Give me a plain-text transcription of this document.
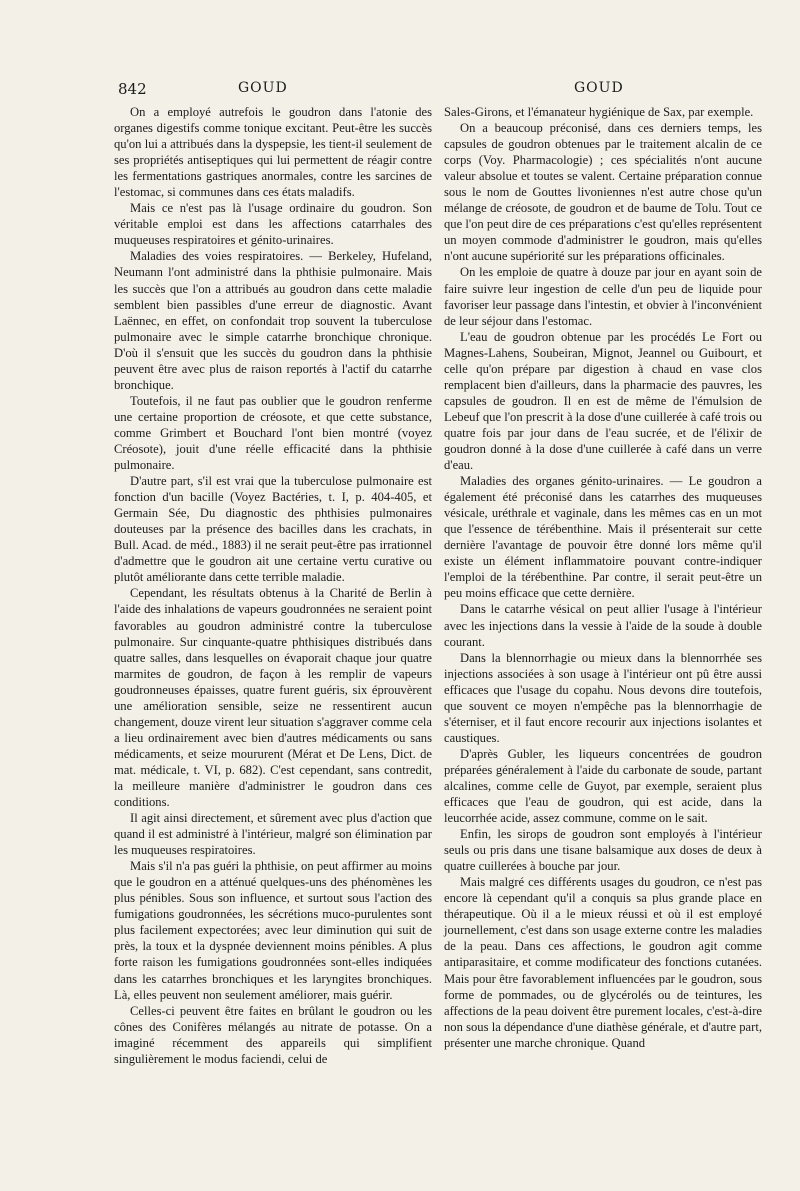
842	GOUD	GOUD

On a employé autrefois le goudron dans l'atonie des organes digestifs comme tonique excitant. Peut-être les succès qu'on lui a attribués dans la dyspepsie, les tient-il seulement de ses propriétés antiseptiques qui lui permettent de réagir contre les fermentations gastriques anormales, contre les sarcines de l'estomac, si communes dans ces états maladifs.

Mais ce n'est pas là l'usage ordinaire du goudron. Son véritable emploi est dans les affections catarrhales des muqueuses respiratoires et génito-urinaires.

Maladies des voies respiratoires. — Berkeley, Hufeland, Neumann l'ont administré dans la phthisie pulmonaire. Mais les succès que l'on a attribués au goudron dans cette maladie semblent bien passibles d'une erreur de diagnostic. Avant Laënnec, en effet, on confondait trop souvent la tuberculose pulmonaire avec le simple catarrhe bronchique chronique. D'où il s'ensuit que les succès du goudron dans la phthisie peuvent être avec plus de raison reportés à l'actif du catarrhe bronchique.

Toutefois, il ne faut pas oublier que le goudron renferme une certaine proportion de créosote, et que cette substance, comme Grimbert et Bouchard l'ont bien montré (voyez Créosote), jouit d'une réelle efficacité dans la phthisie pulmonaire.

D'autre part, s'il est vrai que la tuberculose pulmonaire est fonction d'un bacille (Voyez Bactéries, t. I, p. 404-405, et Germain Sée, Du diagnostic des phthisies pulmonaires douteuses par la présence des bacilles dans les crachats, in Bull. Acad. de méd., 1883) il ne serait peut-être pas irrationnel d'admettre que le goudron ait une certaine vertu curative ou plutôt améliorante dans cette terrible maladie.

Cependant, les résultats obtenus à la Charité de Berlin à l'aide des inhalations de vapeurs goudronnées ne seraient point favorables au goudron administré contre la tuberculose pulmonaire. Sur cinquante-quatre phthisiques distribués dans quatre salles, dans lesquelles on évaporait chaque jour quatre marmites de goudron, de façon à les remplir de vapeurs goudronneuses épaisses, quatre furent guéris, six éprouvèrent une amélioration sensible, seize ne ressentirent aucun changement, douze virent leur situation s'aggraver comme cela a lieu ordinairement avec bien d'autres médicaments ou sans médicaments, et seize moururent (Mérat et De Lens, Dict. de mat. médicale, t. VI, p. 682). C'est cependant, sans contredit, la meilleure manière d'administrer le goudron dans ces conditions.

Il agit ainsi directement, et sûrement avec plus d'action que quand il est administré à l'intérieur, malgré son élimination par les muqueuses respiratoires.

Mais s'il n'a pas guéri la phthisie, on peut affirmer au moins que le goudron en a atténué quelques-uns des phénomènes les plus pénibles. Sous son influence, et surtout sous l'action des fumigations goudronnées, les sécrétions muco-purulentes sont plus facilement expectorées; avec leur diminution qui suit de près, la toux et la dyspnée deviennent moins pénibles. A plus forte raison les fumigations goudronnées sont-elles indiquées dans les catarrhes bronchiques et les laryngites bronchiques. Là, elles peuvent non seulement améliorer, mais guérir.

Celles-ci peuvent être faites en brûlant le goudron ou les cônes des Conifères mélangés au nitrate de potasse. On a imaginé récemment des appareils qui simplifient singulièrement le modus faciendi, celui de

Sales-Girons, et l'émanateur hygiénique de Sax, par exemple.

On a beaucoup préconisé, dans ces derniers temps, les capsules de goudron obtenues par le traitement alcalin de ce corps (Voy. Pharmacologie) ; ces spécialités n'ont aucune valeur absolue et toutes se valent. Certaine préparation connue sous le nom de Gouttes livoniennes n'est autre chose qu'un mélange de créosote, de goudron et de baume de Tolu. Tout ce que l'on peut dire de ces préparations c'est qu'elles représentent un moyen commode d'administrer le goudron, mais qu'elles n'ont aucune supériorité sur les préparations officinales.

On les emploie de quatre à douze par jour en ayant soin de faire suivre leur ingestion de celle d'un peu de liquide pour favoriser leur passage dans l'intestin, et obvier à l'inconvénient de leur séjour dans l'estomac.

L'eau de goudron obtenue par les procédés Le Fort ou Magnes-Lahens, Soubeiran, Mignot, Jeannel ou Guibourt, et celle qu'on prépare par digestion à chaud en vase clos remplacent bien d'ailleurs, dans la pharmacie des pauvres, les capsules de goudron. Il en est de même de l'émulsion de Lebeuf que l'on prescrit à la dose d'une cuillerée à café trois ou quatre fois par jour dans de l'eau sucrée, et de l'élixir de goudron donné à la dose d'une cuillerée à café dans un verre d'eau.

Maladies des organes génito-urinaires. — Le goudron a également été préconisé dans les catarrhes des muqueuses vésicale, uréthrale et vaginale, dans les mêmes cas en un mot que l'essence de térébenthine. Mais il présenterait sur cette dernière l'avantage de pouvoir être donné lors même qu'il existe un élément inflammatoire pouvant contre-indiquer l'emploi de la térébenthine. Par contre, il serait peut-être un peu moins efficace que cette dernière.

Dans le catarrhe vésical on peut allier l'usage à l'intérieur avec les injections dans la vessie à l'aide de la soude à double courant.

Dans la blennorrhagie ou mieux dans la blennorrhée ses injections associées à son usage à l'intérieur ont pû être aussi efficaces que l'usage du copahu. Nous devons dire toutefois, que souvent ce moyen n'empêche pas la blennorrhagie de s'éterniser, et il faut encore recourir aux injections isolantes et caustiques.

D'après Gubler, les liqueurs concentrées de goudron préparées généralement à l'aide du carbonate de soude, partant alcalines, comme celle de Guyot, par exemple, seraient plus efficaces que l'eau de goudron, qui est acide, dans la leucorrhée acide, assez commune, comme on le sait.

Enfin, les sirops de goudron sont employés à l'intérieur seuls ou pris dans une tisane balsamique aux doses de deux à quatre cuillerées à bouche par jour.

Mais malgré ces différents usages du goudron, ce n'est pas encore là cependant qu'il a conquis sa plus grande place en thérapeutique. Où il a le mieux réussi et où il est employé journellement, c'est dans son usage externe contre les maladies de la peau. Dans ces affections, le goudron agit comme antiparasitaire, et comme modificateur des fonctions cutanées. Mais pour être favorablement influencées par le goudron, sous forme de pommades, ou de glycérolés ou de teintures, les affections de la peau doivent être purement locales, c'est-à-dire non sous la dépendance d'une diathèse générale, et d'autre part, présenter une marche chronique. Quand
